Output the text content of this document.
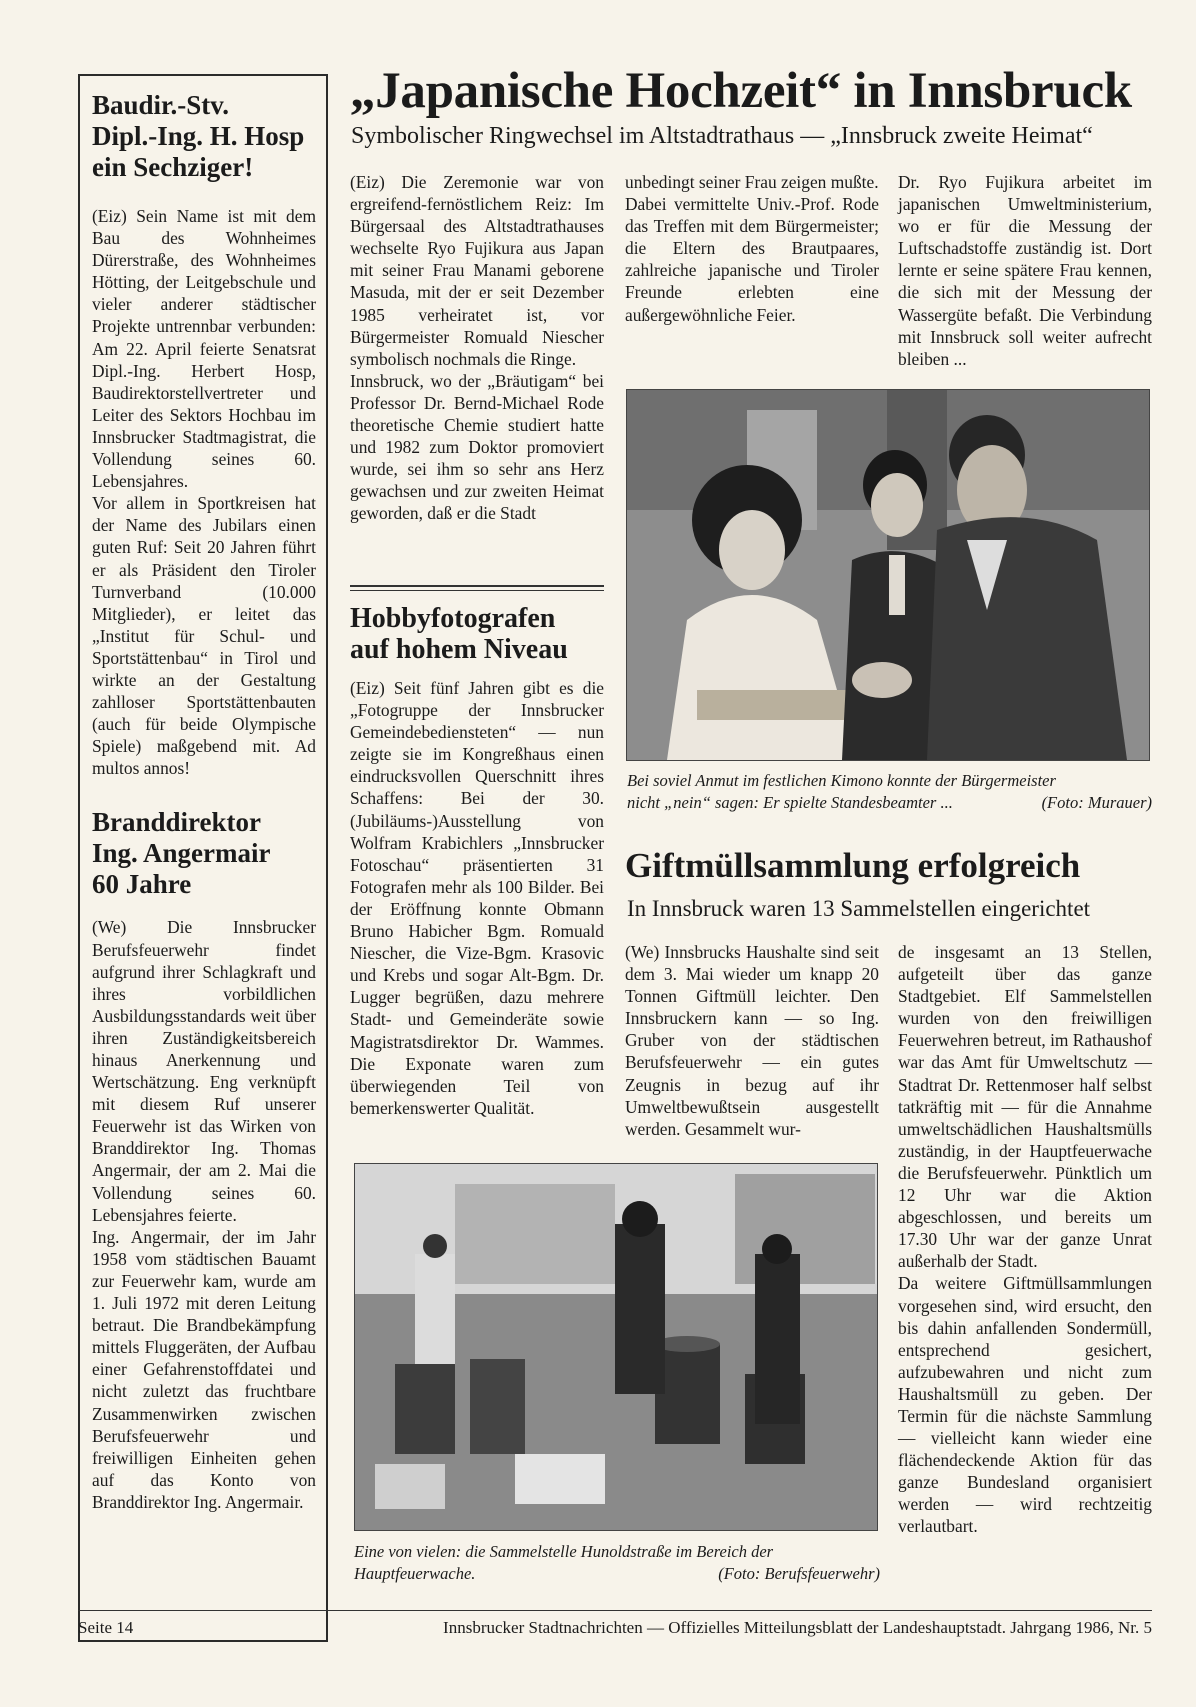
Baudir.-Stv.
Dipl.-Ing. H. Hosp
ein Sechziger!

(Eiz) Sein Name ist mit dem Bau des Wohnheimes Dürerstraße, des Wohnheimes Hötting, der Leitgebschule und vieler anderer städtischer Projekte untrennbar verbunden: Am 22. April feierte Senatsrat Dipl.-Ing. Herbert Hosp, Baudirektorstellvertreter und Leiter des Sektors Hochbau im Innsbrucker Stadtmagistrat, die Vollendung seines 60. Lebensjahres.

Vor allem in Sportkreisen hat der Name des Jubilars einen guten Ruf: Seit 20 Jahren führt er als Präsident den Tiroler Turnverband (10.000 Mitglieder), er leitet das „Institut für Schul- und Sportstättenbau“ in Tirol und wirkte an der Gestaltung zahlloser Sportstättenbauten (auch für beide Olympische Spiele) maßgebend mit. Ad multos annos!

Branddirektor
Ing. Angermair
60 Jahre

(We) Die Innsbrucker Berufsfeuerwehr findet aufgrund ihrer Schlagkraft und ihres vorbildlichen Ausbildungsstandards weit über ihren Zuständigkeitsbereich hinaus Anerkennung und Wertschätzung. Eng verknüpft mit diesem Ruf unserer Feuerwehr ist das Wirken von Branddirektor Ing. Thomas Angermair, der am 2. Mai die Vollendung seines 60. Lebensjahres feierte.

Ing. Angermair, der im Jahr 1958 vom städtischen Bauamt zur Feuerwehr kam, wurde am 1. Juli 1972 mit deren Leitung betraut. Die Brandbekämpfung mittels Fluggeräten, der Aufbau einer Gefahrenstoffdatei und nicht zuletzt das fruchtbare Zusammenwirken zwischen Berufsfeuerwehr und freiwilligen Einheiten gehen auf das Konto von Branddirektor Ing. Angermair.

„Japanische Hochzeit“ in Innsbruck
Symbolischer Ringwechsel im Altstadtrathaus — „Innsbruck zweite Heimat“

(Eiz) Die Zeremonie war von ergreifend-fernöstlichem Reiz: Im Bürgersaal des Altstadtrathauses wechselte Ryo Fujikura aus Japan mit seiner Frau Manami geborene Masuda, mit der er seit Dezember 1985 verheiratet ist, vor Bürgermeister Romuald Niescher symbolisch nochmals die Ringe.

Innsbruck, wo der „Bräutigam“ bei Professor Dr. Bernd-Michael Rode theoretische Chemie studiert hatte und 1982 zum Doktor promoviert wurde, sei ihm so sehr ans Herz gewachsen und zur zweiten Heimat geworden, daß er die Stadt

unbedingt seiner Frau zeigen mußte.

Dabei vermittelte Univ.-Prof. Rode das Treffen mit dem Bürgermeister; die Eltern des Brautpaares, zahlreiche japanische und Tiroler Freunde erlebten eine außergewöhnliche Feier.

Dr. Ryo Fujikura arbeitet im japanischen Umweltministerium, wo er für die Messung der Luftschadstoffe zuständig ist. Dort lernte er seine spätere Frau kennen, die sich mit der Messung der Wassergüte befaßt. Die Verbindung mit Innsbruck soll weiter aufrecht bleiben ...

Bei soviel Anmut im festlichen Kimono konnte der Bürgermeister
nicht „nein“ sagen: Er spielte Standesbeamter ...	(Foto: Murauer)
Hobbyfotografen
auf hohem Niveau

(Eiz) Seit fünf Jahren gibt es die „Fotogruppe der Innsbrucker Gemeindebediensteten“ — nun zeigte sie im Kongreßhaus einen eindrucksvollen Querschnitt ihres Schaffens: Bei der 30. (Jubiläums-)Ausstellung von Wolfram Krabichlers „Innsbrucker Fotoschau“ präsentierten 31 Fotografen mehr als 100 Bilder. Bei der Eröffnung konnte Obmann Bruno Habicher Bgm. Romuald Niescher, die Vize-Bgm. Krasovic und Krebs und sogar Alt-Bgm. Dr. Lugger begrüßen, dazu mehrere Stadt- und Gemeinderäte sowie Magistratsdirektor Dr. Wammes. Die Exponate waren zum überwiegenden Teil von bemerkenswerter Qualität.

Giftmüllsammlung erfolgreich
In Innsbruck waren 13 Sammelstellen eingerichtet

(We) Innsbrucks Haushalte sind seit dem 3. Mai wieder um knapp 20 Tonnen Giftmüll leichter. Den Innsbruckern kann — so Ing. Gruber von der städtischen Berufsfeuerwehr — ein gutes Zeugnis in bezug auf ihr Umweltbewußtsein ausgestellt werden. Gesammelt wur-

de insgesamt an 13 Stellen, aufgeteilt über das ganze Stadtgebiet. Elf Sammelstellen wurden von den freiwilligen Feuerwehren betreut, im Rathaushof war das Amt für Umweltschutz — Stadtrat Dr. Rettenmoser half selbst tatkräftig mit — für die Annahme umweltschädlichen Haushaltsmülls zuständig, in der Hauptfeuerwache die Berufsfeuerwehr. Pünktlich um 12 Uhr war die Aktion abgeschlossen, und bereits um 17.30 Uhr war der ganze Unrat außerhalb der Stadt.

Da weitere Giftmüllsammlungen vorgesehen sind, wird ersucht, den bis dahin anfallenden Sondermüll, entsprechend gesichert, aufzubewahren und nicht zum Haushaltsmüll zu geben. Der Termin für die nächste Sammlung — vielleicht kann wieder eine flächendeckende Aktion für das ganze Bundesland organisiert werden — wird rechtzeitig verlautbart.

Eine von vielen: die Sammelstelle Hunoldstraße im Bereich der
Hauptfeuerwache.	(Foto: Berufsfeuerwehr)
Seite 14	Innsbrucker Stadtnachrichten — Offizielles Mitteilungsblatt der Landeshauptstadt. Jahrgang 1986, Nr. 5
